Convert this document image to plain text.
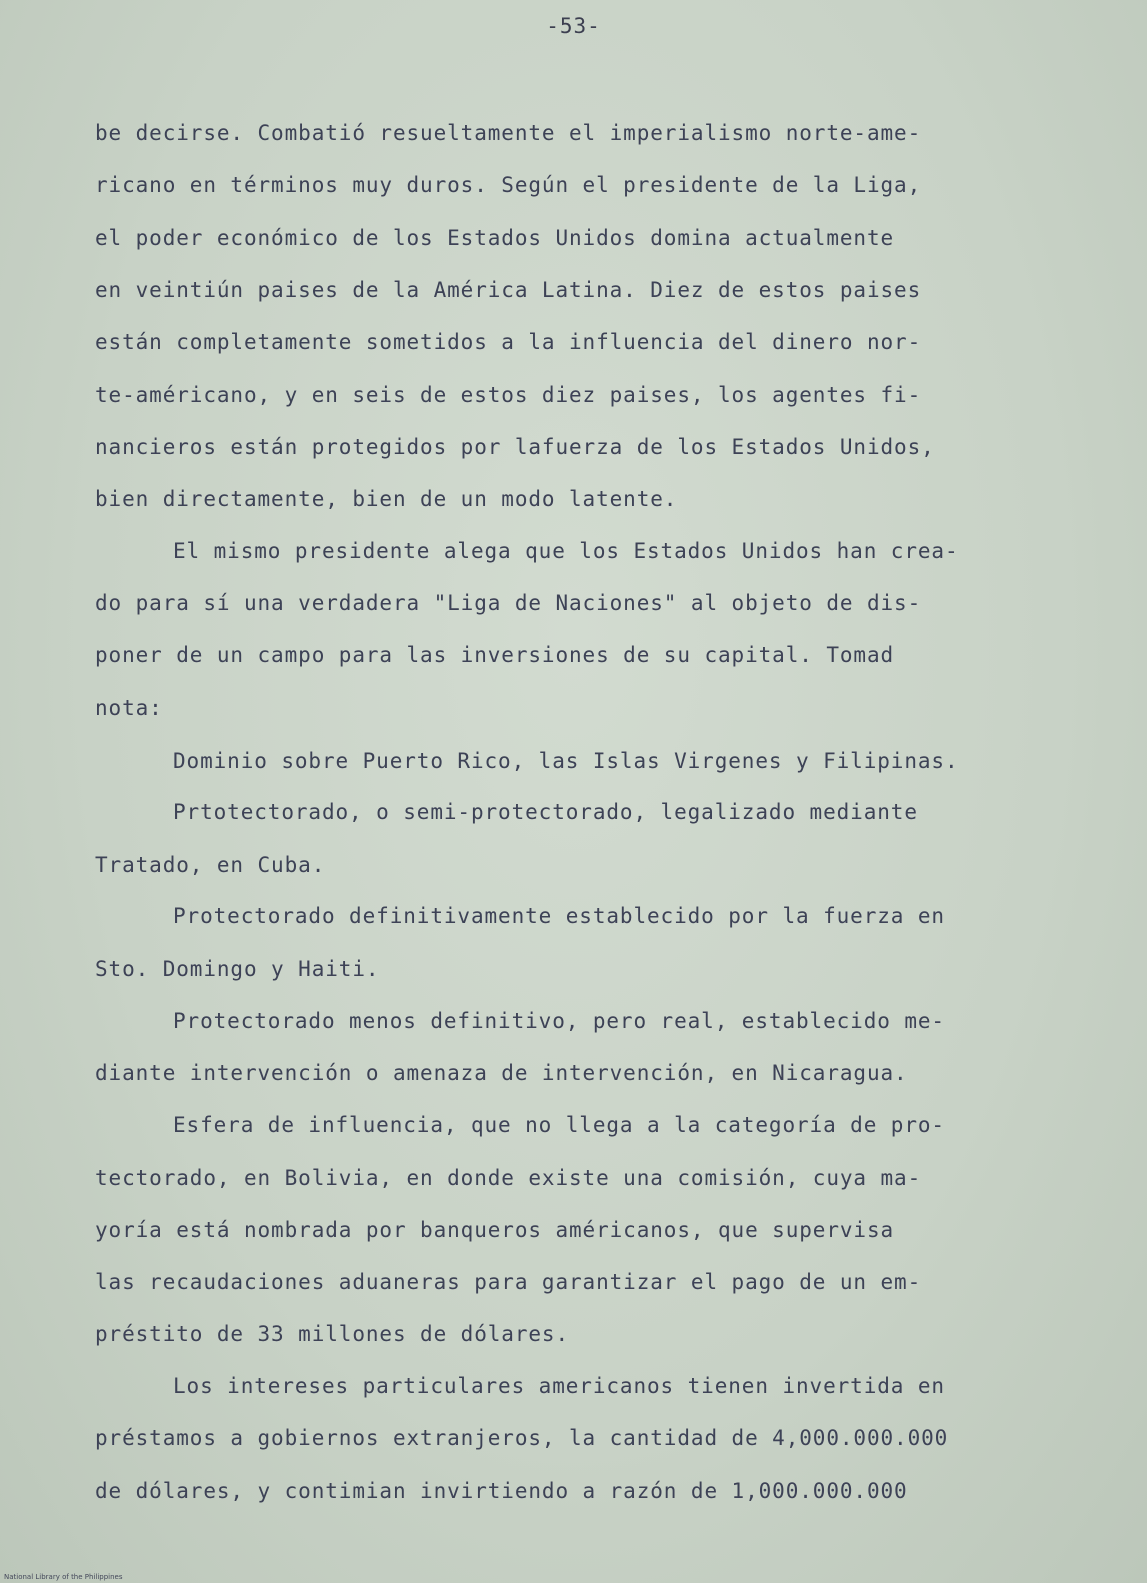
-53-
be decirse. Combatió resueltamente el imperialismo norte-ame-
ricano en términos muy duros. Según el presidente de la Liga,
el poder económico de los Estados Unidos domina actualmente
en veintiún paises de la América Latina. Diez de estos paises
están completamente sometidos a la influencia del dinero nor-
te-américano, y en seis de estos diez paises, los agentes fi-
nancieros están protegidos por lafuerza de los Estados Unidos,
bien directamente, bien de un modo latente.
El mismo presidente alega que los Estados Unidos han crea-
do para sí una verdadera "Liga de Naciones" al objeto de dis-
poner de un campo para las inversiones de su capital. Tomad
nota:
Dominio sobre Puerto Rico, las Islas Virgenes y Filipinas.
Prtotectorado, o semi-protectorado, legalizado mediante
Tratado, en Cuba.
Protectorado definitivamente establecido por la fuerza en
Sto. Domingo y Haiti.
Protectorado menos definitivo, pero real, establecido me-
diante intervención o amenaza de intervención, en Nicaragua.
Esfera de influencia, que no llega a la categoría de pro-
tectorado, en Bolivia, en donde existe una comisión, cuya ma-
yoría está nombrada por banqueros américanos, que supervisa
las recaudaciones aduaneras para garantizar el pago de un em-
préstito de 33 millones de dólares.
Los intereses particulares americanos tienen invertida en
préstamos a gobiernos extranjeros, la cantidad de 4,000.000.000
de dólares, y contimian invirtiendo a razón de 1,000.000.000
National Library of the Philippines
